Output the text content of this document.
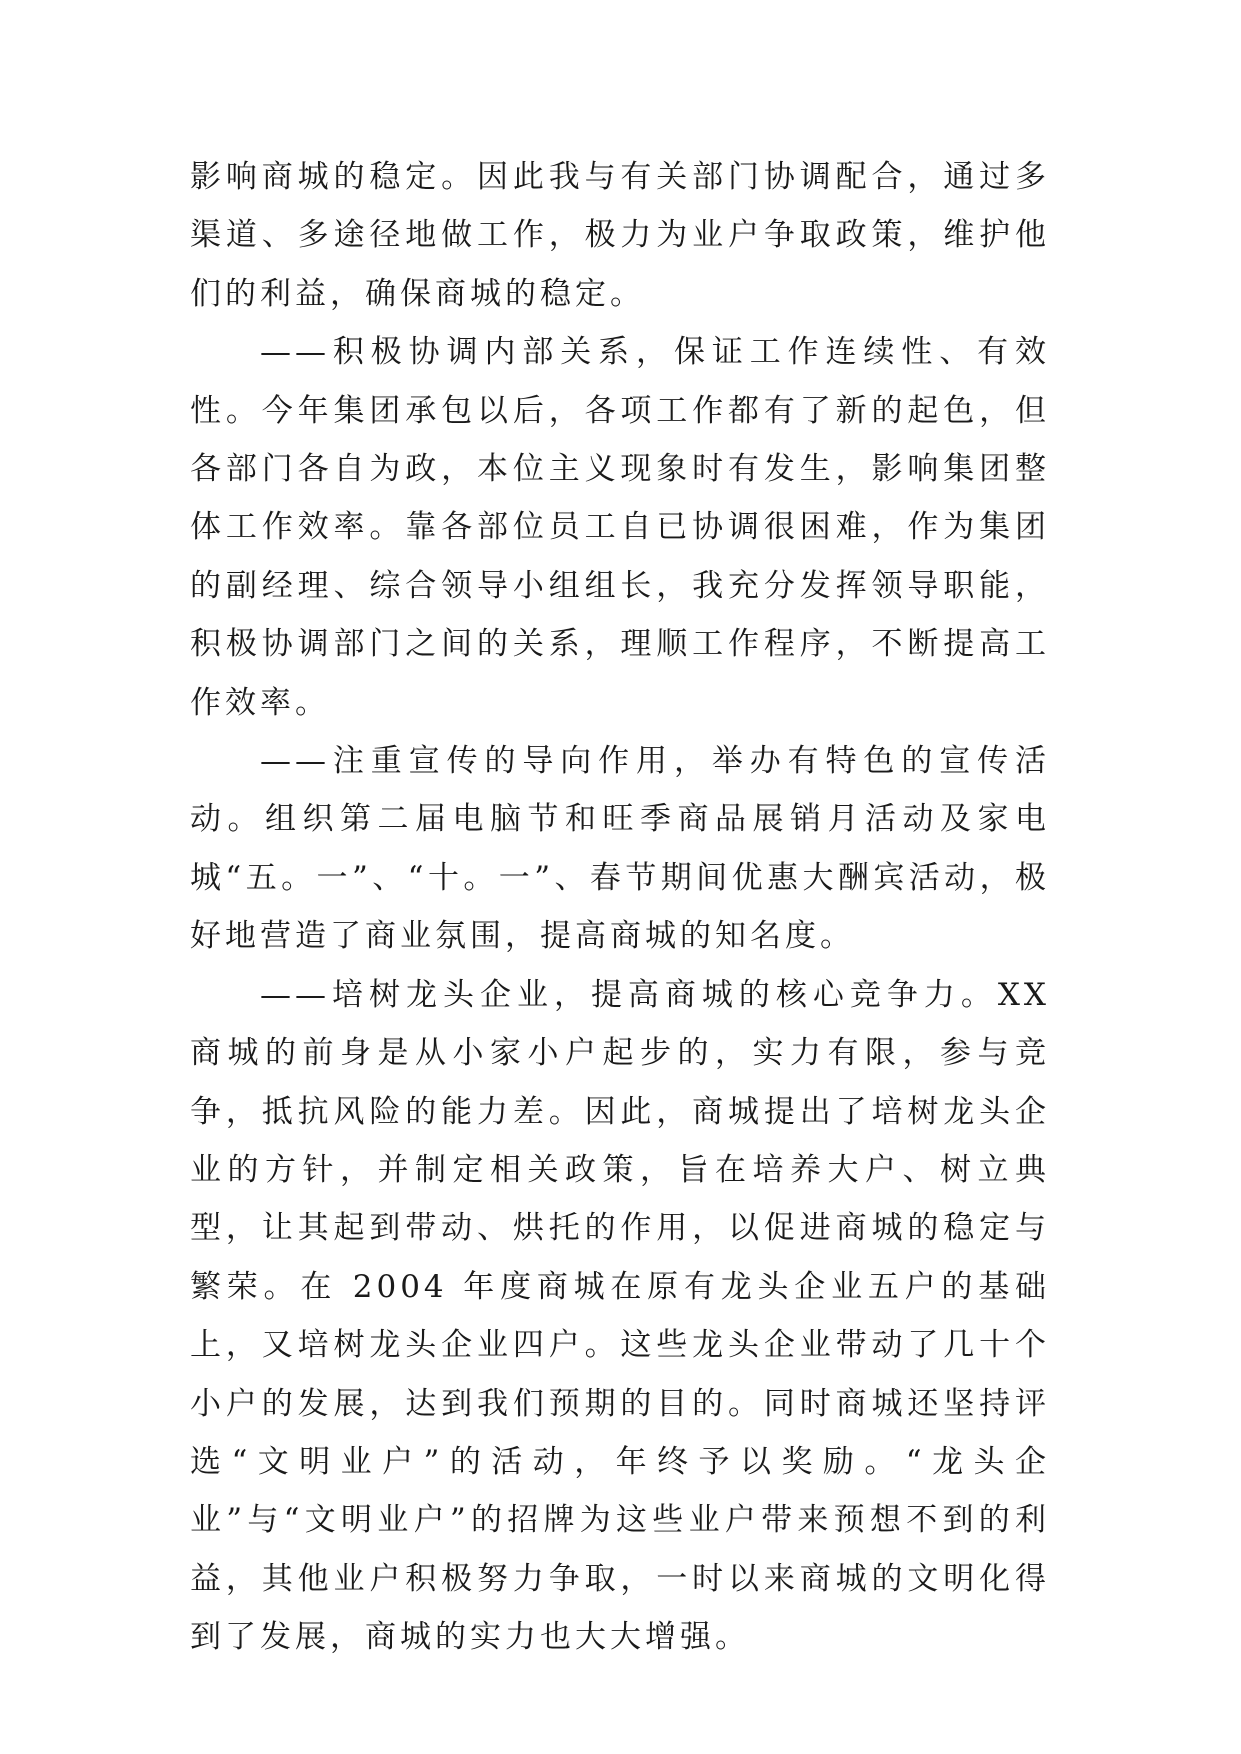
影响商城的稳定。因此我与有关部门协调配合，通过多渠道、多途径地做工作，极力为业户争取政策，维护他们的利益，确保商城的稳定。

——积极协调内部关系，保证工作连续性、有效性。今年集团承包以后，各项工作都有了新的起色，但各部门各自为政，本位主义现象时有发生，影响集团整体工作效率。靠各部位员工自已协调很困难，作为集团的副经理、综合领导小组组长，我充分发挥领导职能，积极协调部门之间的关系，理顺工作程序，不断提高工作效率。

——注重宣传的导向作用，举办有特色的宣传活动。组织第二届电脑节和旺季商品展销月活动及家电城“五。一”、“十。一”、春节期间优惠大酬宾活动，极好地营造了商业氛围，提高商城的知名度。

——培树龙头企业，提高商城的核心竞争力。XX 商城的前身是从小家小户起步的，实力有限，参与竞争，抵抗风险的能力差。因此，商城提出了培树龙头企业的方针，并制定相关政策，旨在培养大户、树立典型，让其起到带动、烘托的作用，以促进商城的稳定与繁荣。在 2004 年度商城在原有龙头企业五户的基础上，又培树龙头企业四户。这些龙头企业带动了几十个小户的发展，达到我们预期的目的。同时商城还坚持评选“文明业户”的活动，年终予以奖励。“龙头企业”与“文明业户”的招牌为这些业户带来预想不到的利益，其他业户积极努力争取，一时以来商城的文明化得到了发展，商城的实力也大大增强。
